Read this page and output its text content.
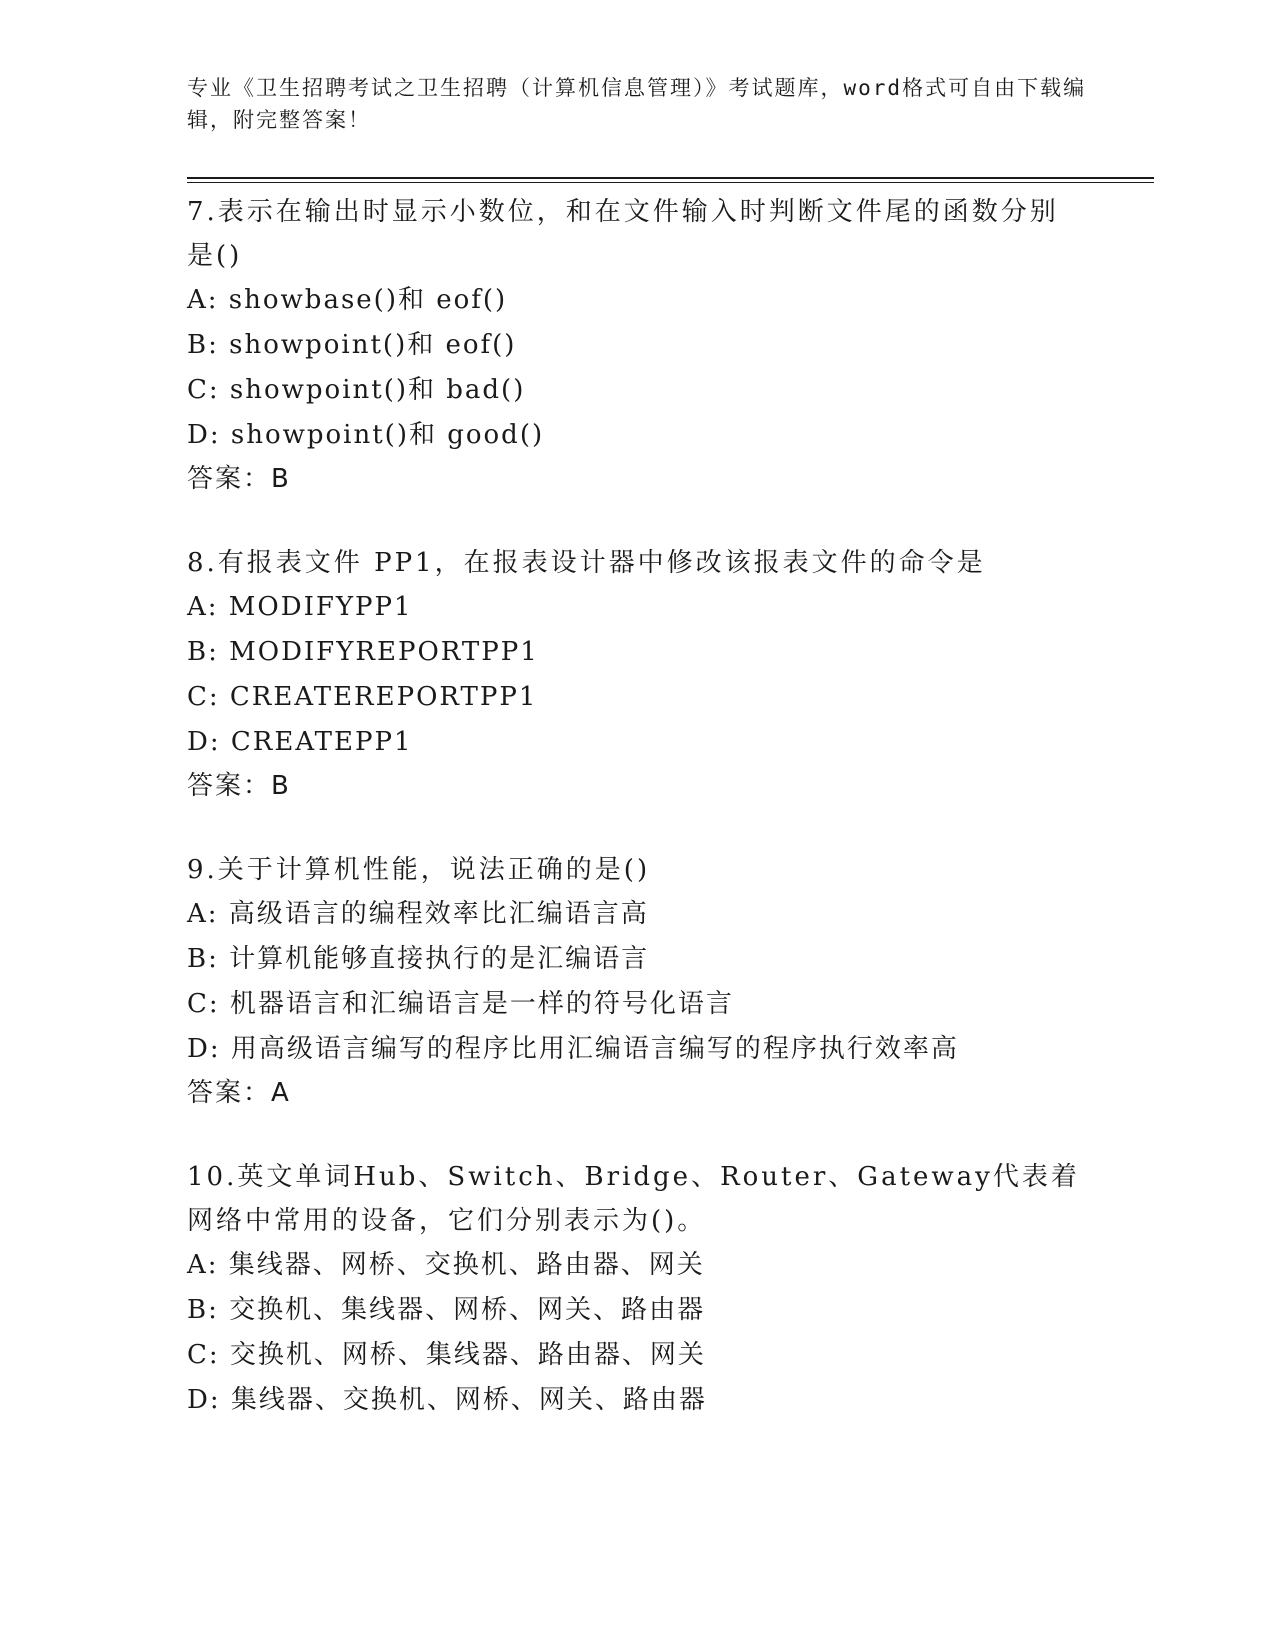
专业《卫生招聘考试之卫生招聘（计算机信息管理）》考试题库，word格式可自由下载编辑，附完整答案！

7.表示在输出时显示小数位，和在文件输入时判断文件尾的函数分别是()

A: showbase()和 eof()

B: showpoint()和 eof()

C: showpoint()和 bad()

D: showpoint()和 good()

答案：B

8.有报表文件 PP1，在报表设计器中修改该报表文件的命令是

A: MODIFYPP1

B: MODIFYREPORTPP1

C: CREATEREPORTPP1

D: CREATEPP1

答案：B

9.关于计算机性能，说法正确的是()

A: 高级语言的编程效率比汇编语言高

B: 计算机能够直接执行的是汇编语言

C: 机器语言和汇编语言是一样的符号化语言

D: 用高级语言编写的程序比用汇编语言编写的程序执行效率高

答案：A

10.英文单词Hub、Switch、Bridge、Router、Gateway代表着网络中常用的设备，它们分别表示为()。

A: 集线器、网桥、交换机、路由器、网关

B: 交换机、集线器、网桥、网关、路由器

C: 交换机、网桥、集线器、路由器、网关

D: 集线器、交换机、网桥、网关、路由器
